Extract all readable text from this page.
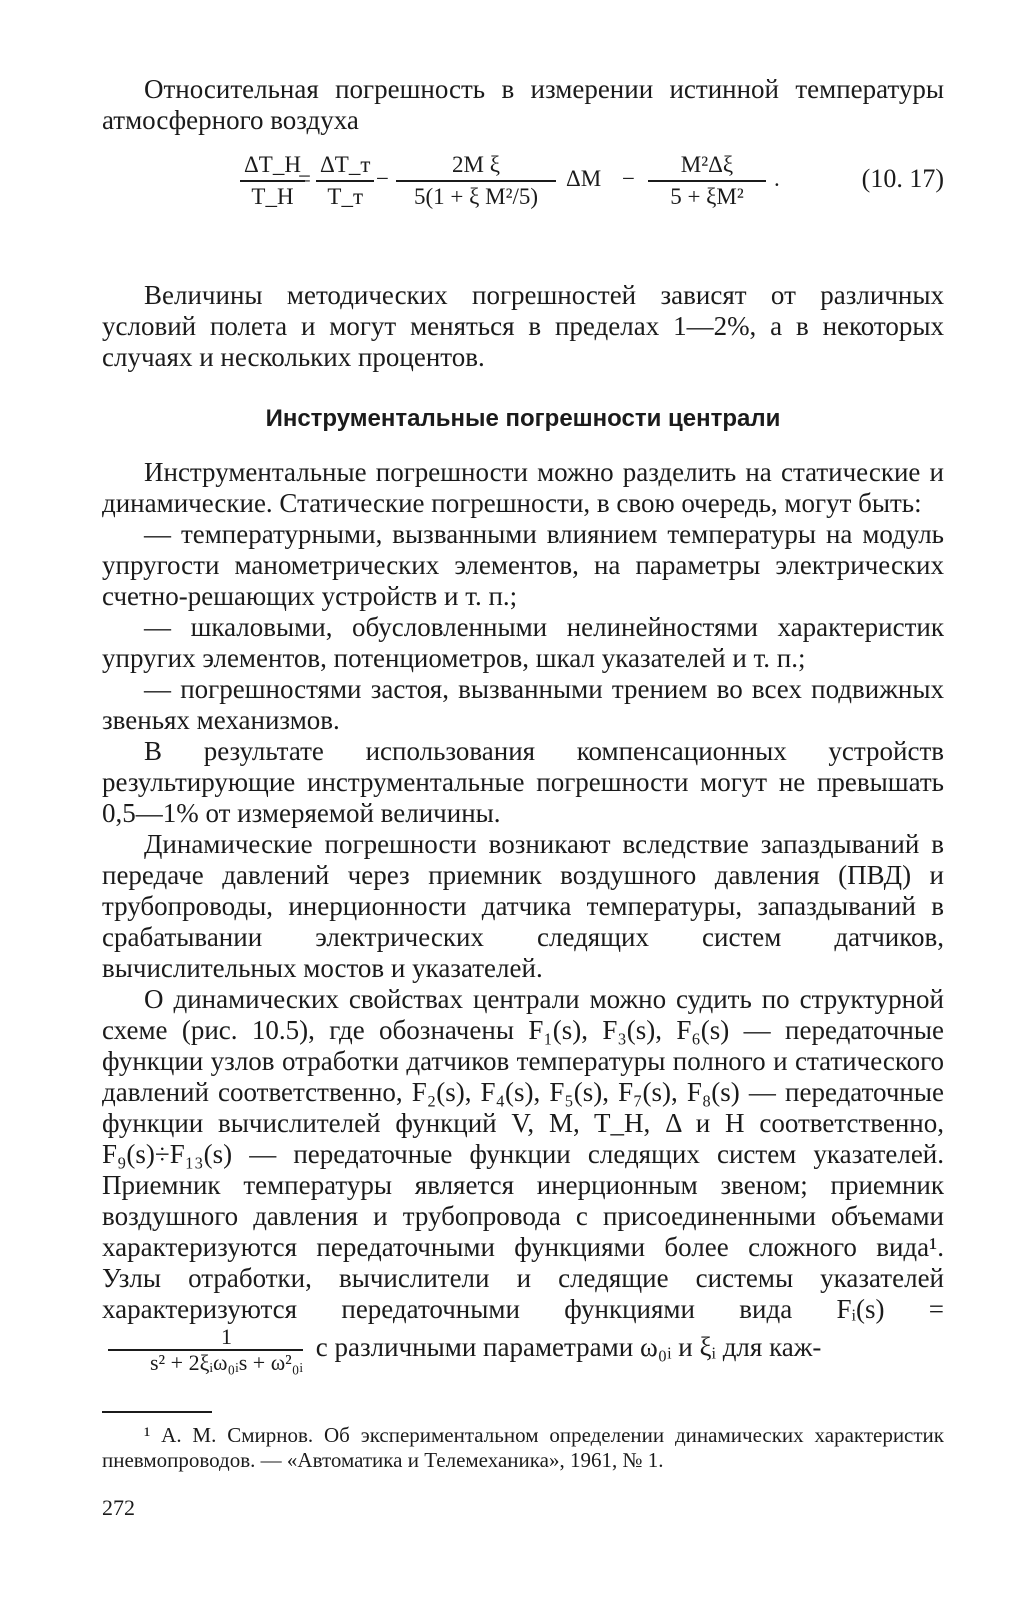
Относительная погрешность в измерении истинной температуры атмосферного воздуха

$\frac{\Delta T\_H}{T\_H}$
=
ΔT_т
T_т
− $\frac{\text{2M ξ}}{\text{5(1 + ξ M²/5)}}$ $\Delta M - \frac{\text{M²Δξ}}{\text{5 + ξM²}}$ .	(10. 17)

Величины методических погрешностей зависят от различных условий полета и могут меняться в пределах 1—2%, а в некоторых случаях и нескольких процентов.

Инструментальные погрешности централи

Инструментальные погрешности можно разделить на статические и динамические. Статические погрешности, в свою очередь, могут быть:

— температурными, вызванными влиянием температуры на модуль упругости манометрических элементов, на параметры электрических счетно-решающих устройств и т. п.;

— шкаловыми, обусловленными нелинейностями характеристик упругих элементов, потенциометров, шкал указателей и т. п.;

— погрешностями застоя, вызванными трением во всех подвижных звеньях механизмов.

В результате использования компенсационных устройств результирующие инструментальные погрешности могут не превышать 0,5—1% от измеряемой величины.

Динамические погрешности возникают вследствие запаздываний в передаче давлений через приемник воздушного давления (ПВД) и трубопроводы, инерционности датчика температуры, запаздываний в срабатывании электрических следящих систем датчиков, вычислительных мостов и указателей.

О динамических свойствах централи можно судить по структурной схеме (рис. 10.5), где обозначены F₁(s), F₃(s), F₆(s) — передаточные функции узлов отработки датчиков температуры полного и статического давлений соответственно, F₂(s), F₄(s), F₅(s), F₇(s), F₈(s) — передаточные функции вычислителей функций V, M, T_H, Δ и H соответственно, F₉(s)÷F₁₃(s) — передаточные функции следящих систем указателей. Приемник температуры является инерционным звеном; приемник воздушного давления и трубопровода с присоединенными объемами характеризуются передаточными функциями более сложного вида¹. Узлы отработки, вычислители и следящие системы указателей характеризуются передаточными функциями вида Fᵢ(s) =
$\frac{1}{\text{s² + 2ξᵢω₀ᵢs + ω²₀ᵢ}}$ с различными параметрами ω₀ᵢ и ξᵢ для каж-

¹ А. М. Смирнов. Об экспериментальном определении динамических характеристик пневмопроводов. — «Автоматика и Телемеханика», 1961, № 1.

272
